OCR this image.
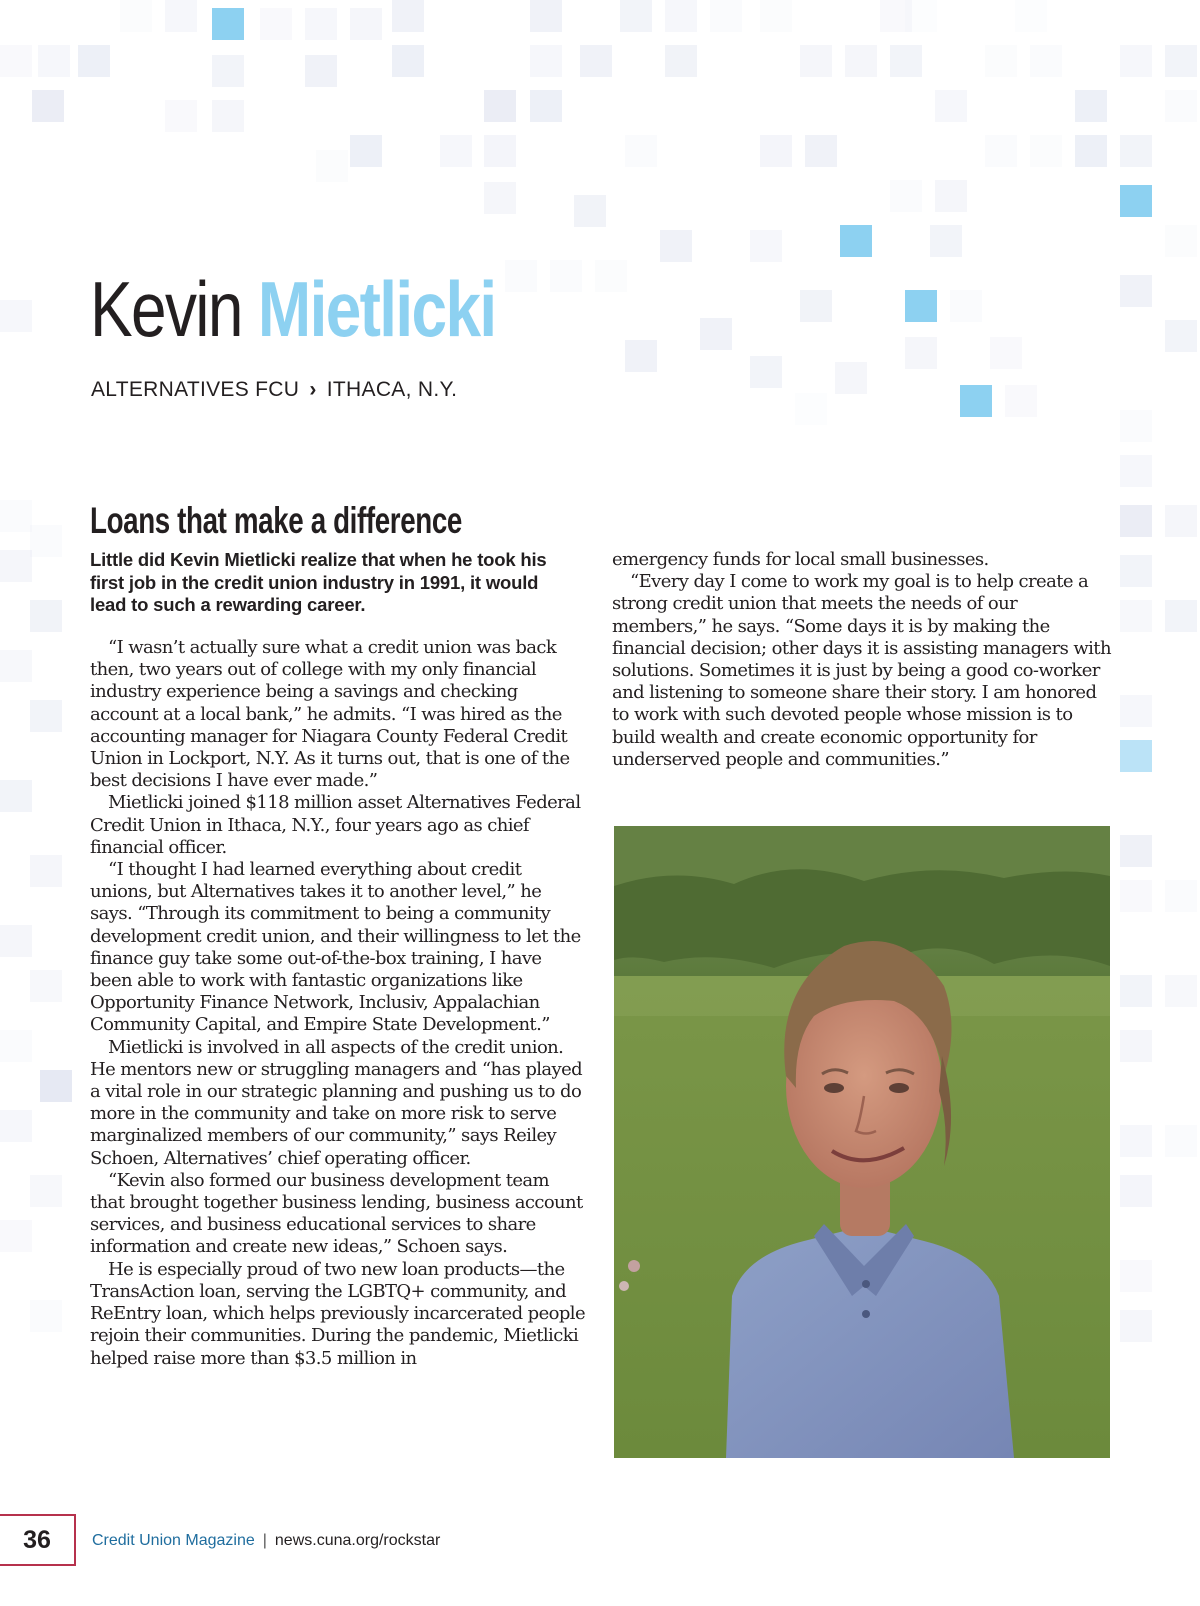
Kevin Mietlicki
ALTERNATIVES FCU › ITHACA, N.Y.
Loans that make a difference

Little did Kevin Mietlicki realize that when he took his first job in the credit union industry in 1991, it would lead to such a rewarding career.

“I wasn’t actually sure what a credit union was back then, two years out of college with my only financial industry experience being a savings and checking account at a local bank,” he admits. “I was hired as the accounting manager for Niagara County Federal Credit Union in Lockport, N.Y. As it turns out, that is one of the best decisions I have ever made.”

Mietlicki joined $118 million asset Alternatives Federal Credit Union in Ithaca, N.Y., four years ago as chief financial officer.

“I thought I had learned everything about credit unions, but Alternatives takes it to another level,” he says. “Through its commitment to being a community development credit union, and their willingness to let the finance guy take some out-of-the-box training, I have been able to work with fantastic organizations like Opportunity Finance Network, Inclusiv, Appalachian Community Capital, and Empire State Development.”

Mietlicki is involved in all aspects of the credit union. He mentors new or struggling managers and “has played a vital role in our strategic planning and pushing us to do more in the community and take on more risk to serve marginalized members of our community,” says Reiley Schoen, Alternatives’ chief operating officer.

“Kevin also formed our business development team that brought together business lending, business account services, and business educational services to share information and create new ideas,” Schoen says.

He is especially proud of two new loan products—the TransAction loan, serving the LGBTQ+ community, and ReEntry loan, which helps previously incarcerated people rejoin their communities. During the pandemic, Mietlicki helped raise more than $3.5 million in

emergency funds for local small businesses.

“Every day I come to work my goal is to help create a strong credit union that meets the needs of our members,” he says. “Some days it is by making the financial decision; other days it is assisting managers with solutions. Sometimes it is just by being a good co-worker and listening to someone share their story. I am honored to work with such devoted people whose mission is to build wealth and create economic opportunity for underserved people and communities.”

36	Credit Union Magazine | news.cuna.org/rockstar
